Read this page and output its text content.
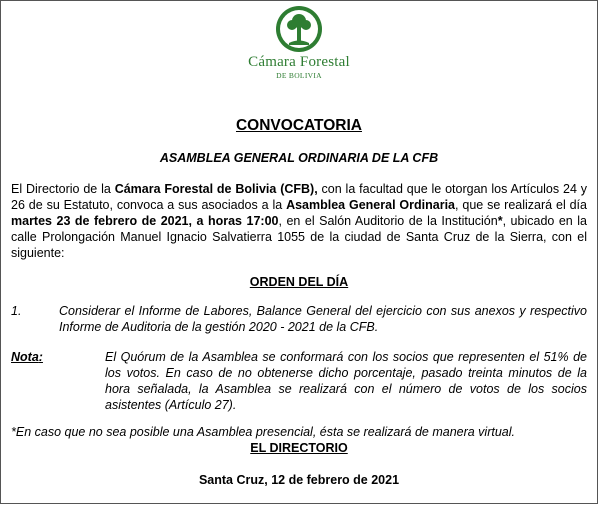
Cámara Forestal
DE BOLIVIA
CONVOCATORIA
ASAMBLEA GENERAL ORDINARIA DE LA CFB
El Directorio de la Cámara Forestal de Bolivia (CFB), con la facultad que le otorgan los Artículos 24 y 26 de su Estatuto, convoca a sus asociados a la Asamblea General Ordinaria, que se realizará el día martes 23 de febrero de 2021, a horas 17:00, en el Salón Auditorio de la Institución*, ubicado en la calle Prolongación Manuel Ignacio Salvatierra 1055 de la ciudad de Santa Cruz de la Sierra, con el siguiente:
ORDEN DEL DÍA
1.	Considerar el Informe de Labores, Balance General del ejercicio con sus anexos y respectivo Informe de Auditoria de la gestión 2020 - 2021 de la CFB.
Nota:	El Quórum de la Asamblea se conformará con los socios que representen el 51% de los votos. En caso de no obtenerse dicho porcentaje, pasado treinta minutos de la hora señalada, la Asamblea se realizará con el número de votos de los socios asistentes (Artículo 27).
*En caso que no sea posible una Asamblea presencial, ésta se realizará de manera virtual.
EL DIRECTORIO
Santa Cruz, 12 de febrero de 2021
